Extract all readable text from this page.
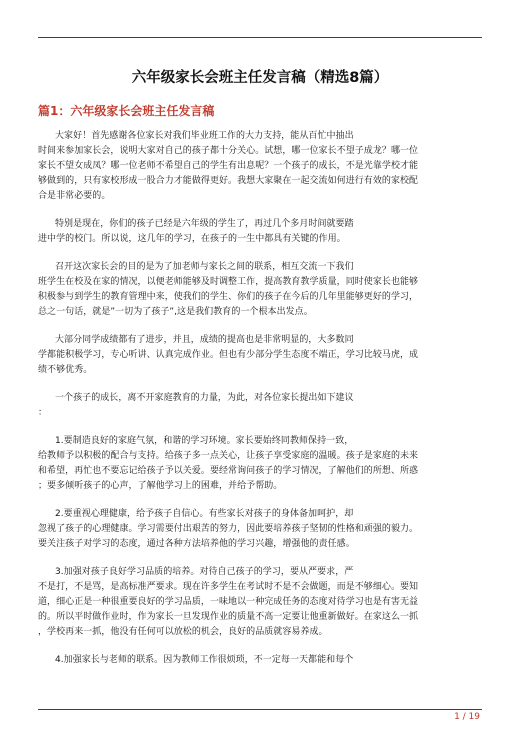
六年级家长会班主任发言稿（精选8篇）
篇1：六年级家长会班主任发言稿
大家好！首先感谢各位家长对我们毕业班工作的大力支持，能从百忙中抽出
时间来参加家长会，说明大家对自己的孩子都十分关心。试想，哪一位家长不望子成龙？哪一位
家长不望女成凤？哪一位老师不希望自己的学生有出息呢？一个孩子的成长，不是光靠学校才能
够做到的，只有家校形成一股合力才能做得更好。我想大家聚在一起交流如何进行有效的家校配
合是非常必要的。
特别是现在，你们的孩子已经是六年级的学生了，再过几个多月时间就要踏
进中学的校门。所以说，这几年的学习，在孩子的一生中都具有关键的作用。
召开这次家长会的目的是为了加老师与家长之间的联系，相互交流一下我们
班学生在校及在家的情况，以便老师能够及时调整工作，提高教育教学质量，同时使家长也能够
积极参与到学生的教育管理中来，使我们的学生、你们的孩子在今后的几年里能够更好的学习，
总之一句话，就是”一切为了孩子”,这是我们教育的一个根本出发点。
大部分同学成绩都有了进步，并且，成绩的提高也是非常明显的，大多数同
学都能积极学习，专心听讲、认真完成作业。但也有少部分学生态度不端正，学习比较马虎，成
绩不够优秀。
一个孩子的成长，离不开家庭教育的力量，为此，对各位家长提出如下建议
：
1.要制造良好的家庭气氛，和谐的学习环境。家长要始终同教师保持一致，
给教师予以积极的配合与支持。给孩子多一点关心，让孩子享受家庭的温暖。孩子是家庭的未来
和希望，再忙也不要忘记给孩子予以关爱。要经常询问孩子的学习情况，了解他们的所想、所惑
；要多倾听孩子的心声，了解他学习上的困难，并给予帮助。
2.要重视心理健康，给予孩子自信心。有些家长对孩子的身体备加呵护，却
忽视了孩子的心理健康。学习需要付出艰苦的努力，因此要培养孩子坚韧的性格和顽强的毅力。
要关注孩子对学习的态度，通过各种方法培养他的学习兴趣，增强他的责任感。
3.加强对孩子良好学习品质的培养。对待自己孩子的学习，要从严要求，严
不是打，不是骂，是高标准严要求。现在许多学生在考试时不是不会做题，而是不够细心。要知
道，细心正是一种很重要良好的学习品质，一味地以一种完成任务的态度对待学习也是有害无益
的。所以平时做作业时，作为家长一旦发现作业的质量不高一定要让他重新做好。在家这么一抓
，学校再来一抓，他没有任何可以放松的机会，良好的品质就容易养成。
4.加强家长与老师的联系。因为教师工作很烦琐，不一定每一天都能和每个
1 / 19
